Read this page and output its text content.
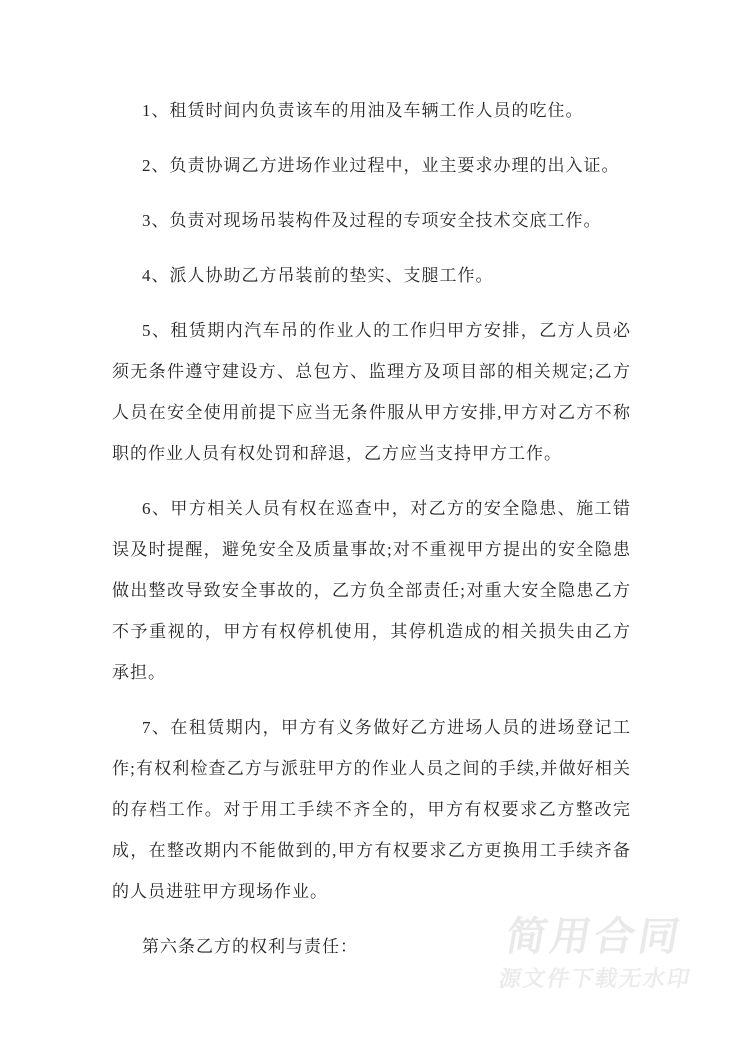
1、租赁时间内负责该车的用油及车辆工作人员的吃住。

2、负责协调乙方进场作业过程中，业主要求办理的出入证。

3、负责对现场吊装构件及过程的专项安全技术交底工作。

4、派人协助乙方吊装前的垫实、支腿工作。

5、租赁期内汽车吊的作业人的工作归甲方安排，乙方人员必须无条件遵守建设方、总包方、监理方及项目部的相关规定;乙方人员在安全使用前提下应当无条件服从甲方安排,甲方对乙方不称职的作业人员有权处罚和辞退，乙方应当支持甲方工作。

6、甲方相关人员有权在巡查中，对乙方的安全隐患、施工错误及时提醒，避免安全及质量事故;对不重视甲方提出的安全隐患做出整改导致安全事故的，乙方负全部责任;对重大安全隐患乙方不予重视的，甲方有权停机使用，其停机造成的相关损失由乙方承担。

7、在租赁期内，甲方有义务做好乙方进场人员的进场登记工作;有权利检查乙方与派驻甲方的作业人员之间的手续,并做好相关的存档工作。对于用工手续不齐全的，甲方有权要求乙方整改完成，在整改期内不能做到的,甲方有权要求乙方更换用工手续齐备的人员进驻甲方现场作业。

第六条乙方的权利与责任：	简用合同
源文件下载无水印
